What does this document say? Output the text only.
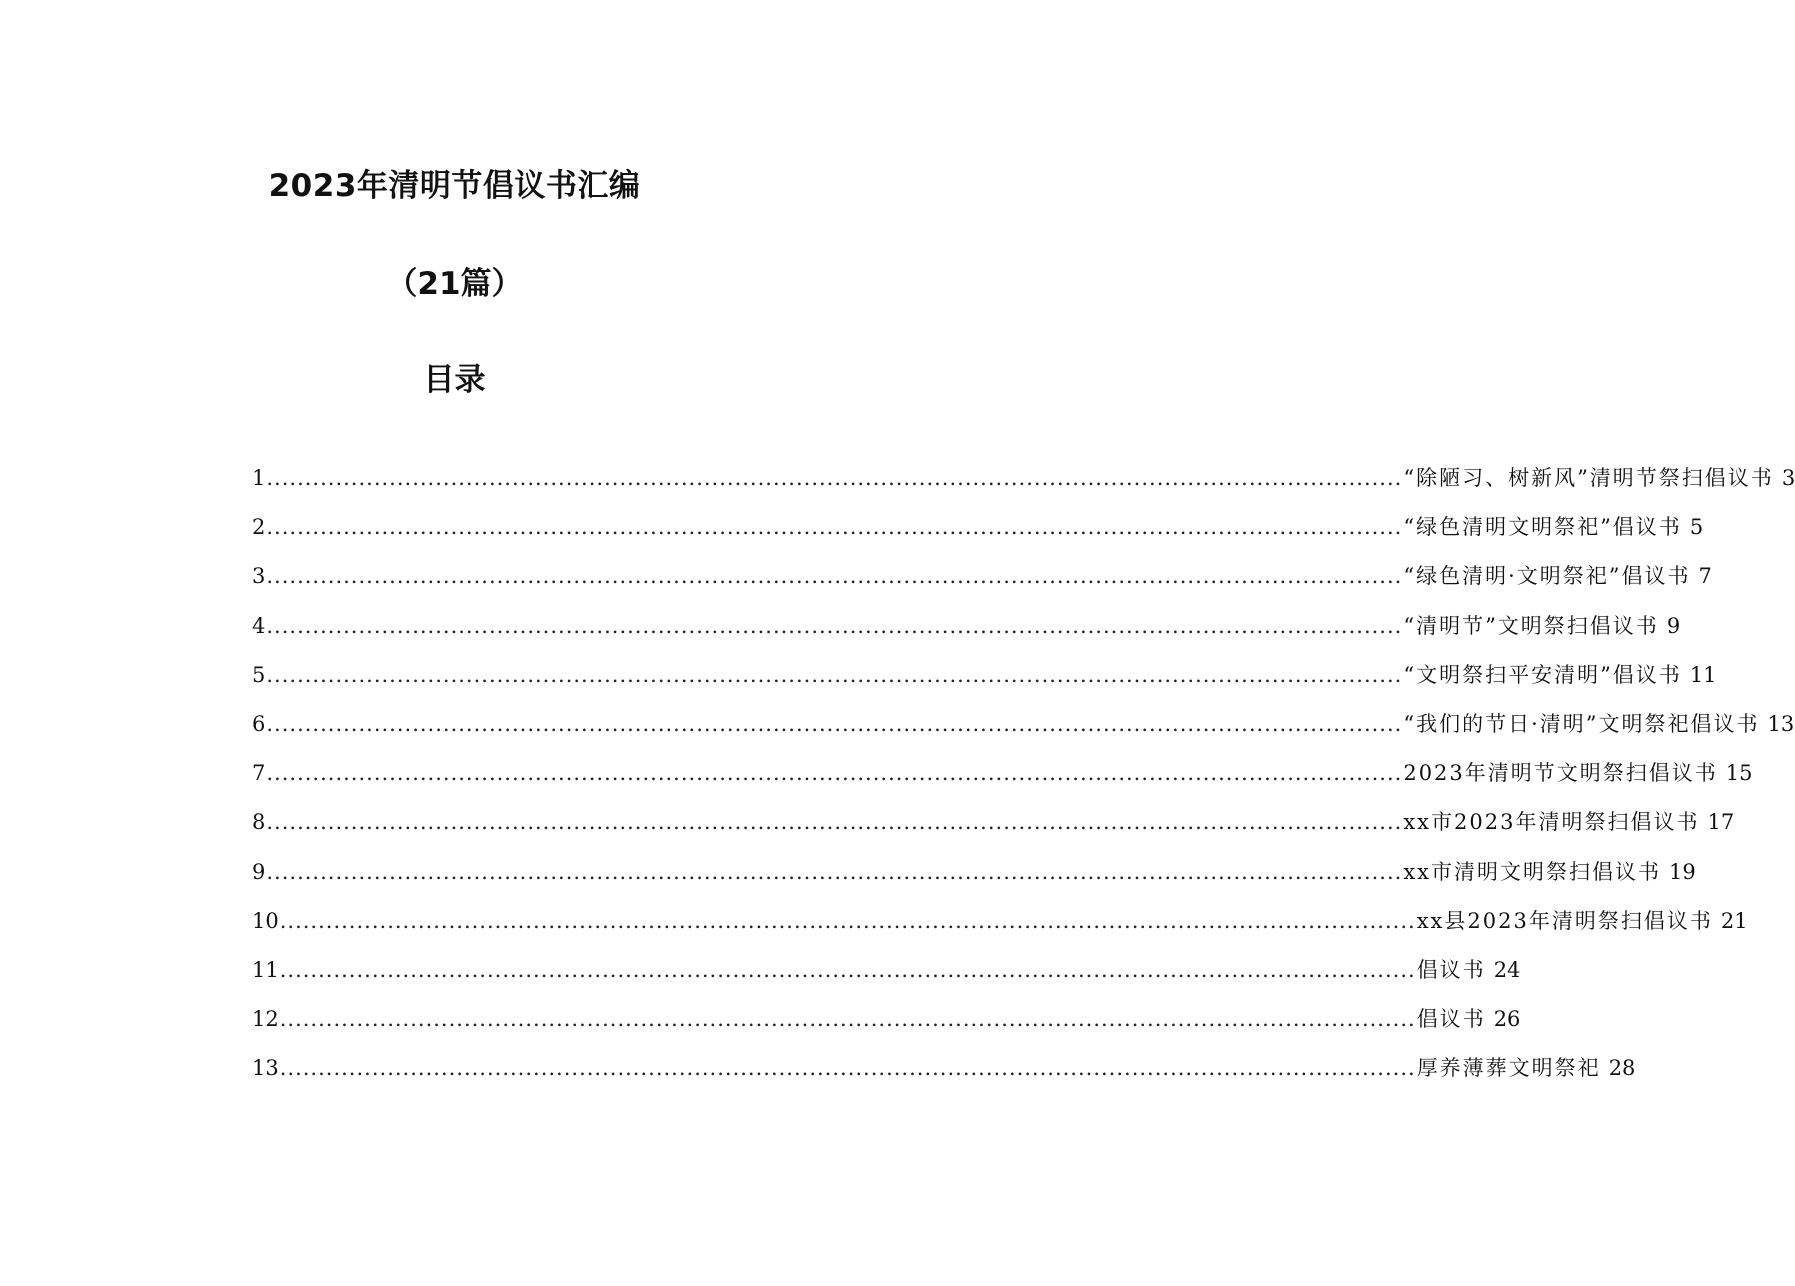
2023年清明节倡议书汇编
（21篇）
目录
1 .................................................................................................................................................... “除陋习、树新风”清明节祭扫倡议书 3
2 .................................................................................................................................................... “绿色清明文明祭祀”倡议书 5
3 .................................................................................................................................................... “绿色清明·文明祭祀”倡议书 7
4 .................................................................................................................................................... “清明节”文明祭扫倡议书 9
5 .................................................................................................................................................... “文明祭扫平安清明”倡议书 11
6 .................................................................................................................................................... “我们的节日·清明”文明祭祀倡议书 13
7 .................................................................................................................................................... 2023年清明节文明祭扫倡议书 15
8 .................................................................................................................................................... xx市2023年清明祭扫倡议书 17
9 .................................................................................................................................................... xx市清明文明祭扫倡议书 19
10 .................................................................................................................................................... xx县2023年清明祭扫倡议书 21
11 .................................................................................................................................................... 倡议书 24
12 .................................................................................................................................................... 倡议书 26
13 .................................................................................................................................................... 厚养薄葬文明祭祀 28
